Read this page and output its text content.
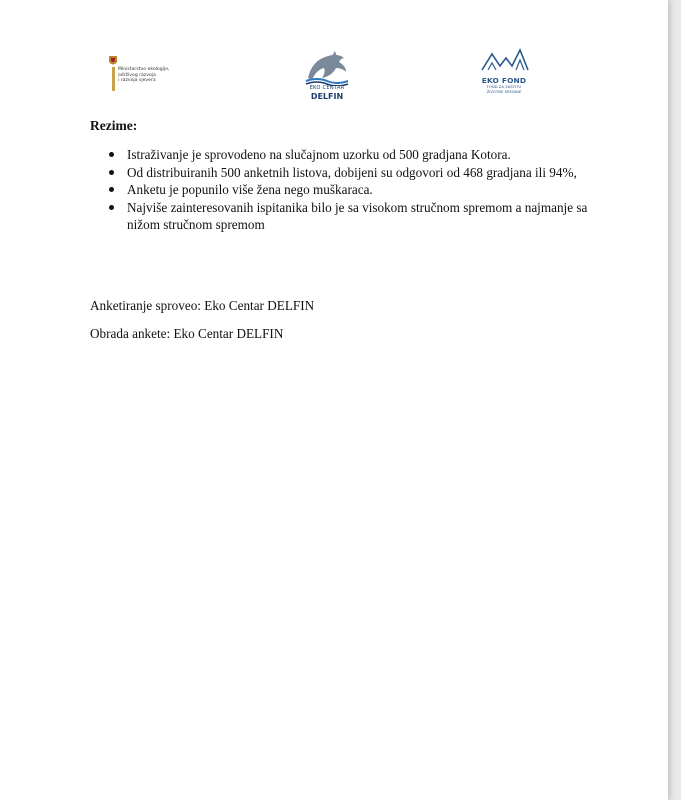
Ministarstvo ekologije,
održivog razvoja
i razvoja sjevera
EKO CENTAR
DELFIN
EKO FOND
FOND ZA ZAŠTITU
ŽIVOTNE SREDINE
Rezime:
Istraživanje je sprovodeno na slučajnom uzorku od 500 gradjana Kotora.
Od distribuiranih 500 anketnih listova, dobijeni su odgovori od 468 gradjana ili 94%,
Anketu je popunilo više žena nego muškaraca.
Najviše zainteresovanih ispitanika bilo je sa visokom stručnom spremom a najmanje sa nižom stručnom spremom
Anketiranje sproveo: Eko Centar DELFIN
Obrada ankete: Eko Centar DELFIN
